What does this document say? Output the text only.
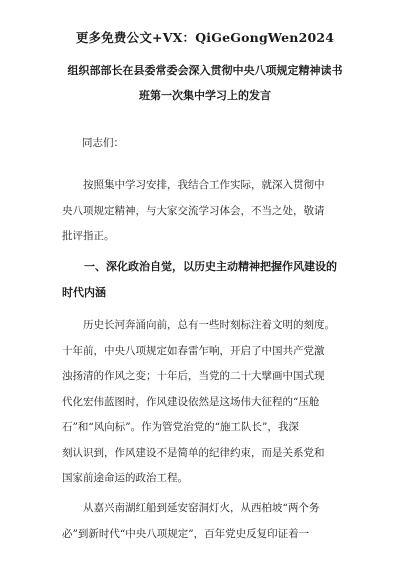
更多免费公文+VX：QiGeGongWen2024
组织部部长在县委常委会深入贯彻中央八项规定精神读书
班第一次集中学习上的发言
同志们：
按照集中学习安排，我结合工作实际，就深入贯彻中
央八项规定精神，与大家交流学习体会，不当之处，敬请
批评指正。
一、深化政治自觉，以历史主动精神把握作风建设的
时代内涵
历史长河奔涌向前，总有一些时刻标注着文明的刻度。
十年前，中央八项规定如春雷乍响，开启了中国共产党激
浊扬清的作风之变；十年后，当党的二十大擘画中国式现
代化宏伟蓝图时，作风建设依然是这场伟大征程的“压舱
石”和“风向标”。作为管党治党的“施工队长”，我深
刻认识到，作风建设不是简单的纪律约束，而是关系党和
国家前途命运的政治工程。
从嘉兴南湖红船到延安窑洞灯火，从西柏坡“两个务
必”到新时代“中央八项规定”，百年党史反复印证着一
